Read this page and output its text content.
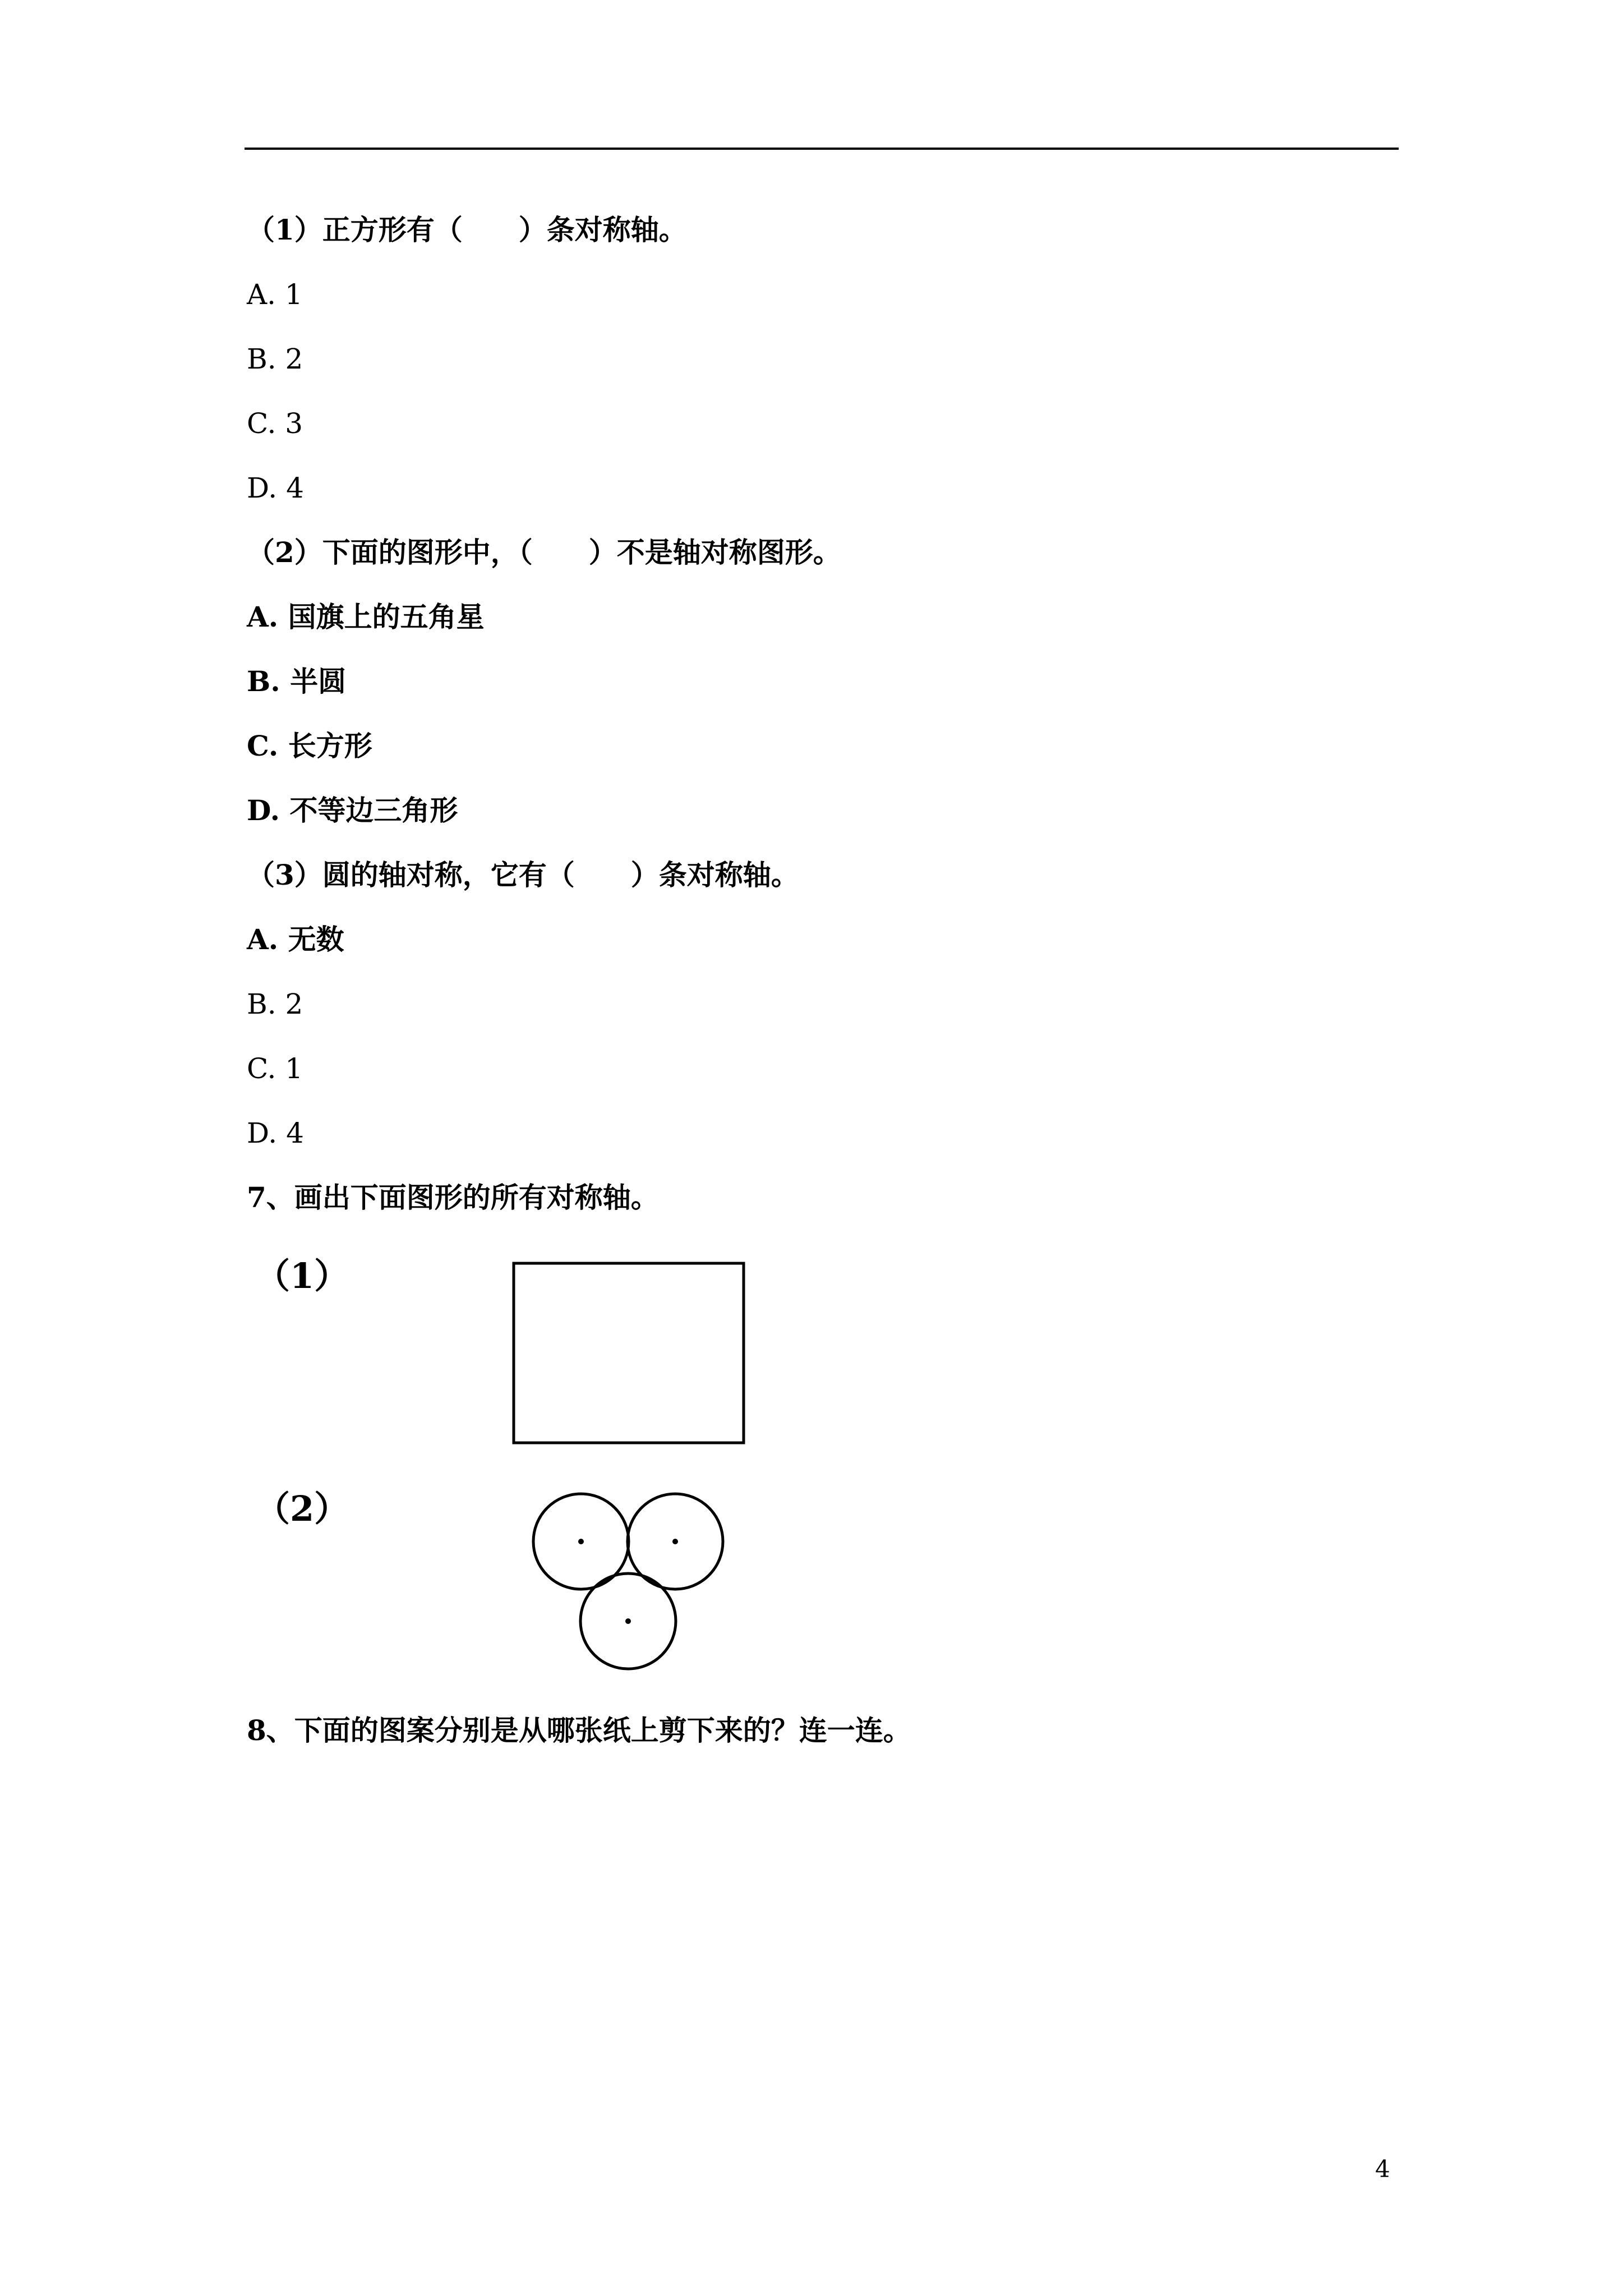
（1）正方形有（　　）条对称轴。
A. 1
B. 2
C. 3
D. 4
（2）下面的图形中，（　　）不是轴对称图形。
A. 国旗上的五角星
B. 半圆
C. 长方形
D. 不等边三角形
（3）圆的轴对称，它有（　　）条对称轴。
A. 无数
B. 2
C. 1
D. 4
7、画出下面图形的所有对称轴。
（1）
（2）
8、下面的图案分别是从哪张纸上剪下来的？连一连。
4
